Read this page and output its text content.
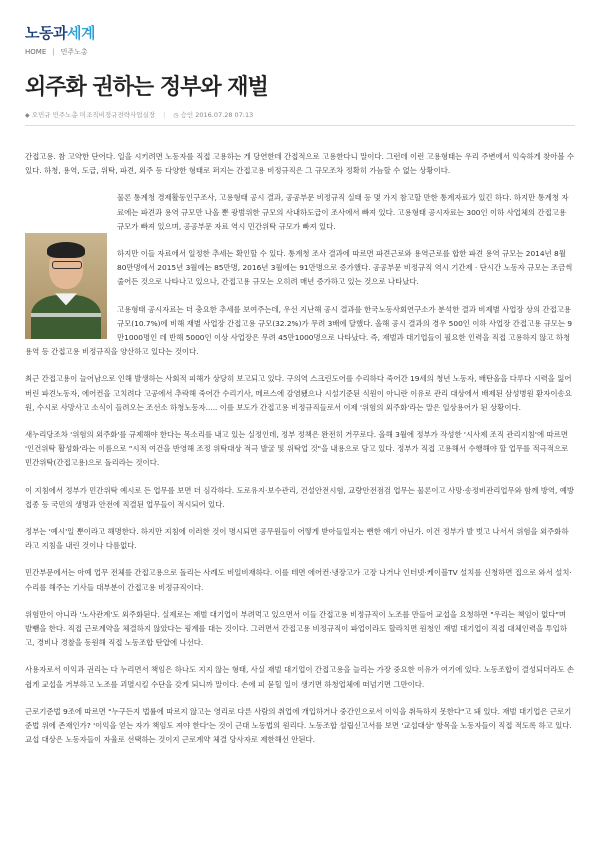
노동과세계
HOME | 민주노총
외주화 권하는 정부와 재벌
◆ 오민규 민주노총 미조직비정규전략사업실장 | ◷ 승인 2016.07.28 07:13

간접고용. 참 고약한 단어다. 일을 시키려면 노동자를 직접 고용하는 게 당연한데 간접적으로 고용한다니 말이다. 그런데 이런 고용형태는 우리 주변에서 익숙하게 찾아볼 수 있다. 하청, 용역, 도급, 위탁, 파견, 외주 등 다양한 형태로 퍼지는 간접고용 비정규직은 그 규모조차 정확히 가늠할 수 없는 상황이다.

물론 통계청 경제활동인구조사, 고용형태 공시 결과, 공공부문 비정규직 실태 등 몇 가지 참고할 만한 통계자료가 있긴 하다. 하지만 통계청 자료에는 파견과 용역 규모만 나올 뿐 광범위한 규모의 사내하도급이 조사에서 빠져 있다. 고용형태 공시자료는 300인 이하 사업체의 간접고용 규모가 빠져 있으며, 공공부문 자료 역시 민간위탁 규모가 빠져 있다.

하지만 이들 자료에서 일정한 추세는 확인할 수 있다. 통계청 조사 결과에 따르면 파견근로와 용역근로를 합한 파견 용역 규모는 2014년 8월 80만명에서 2015년 3월에는 85만명, 2016년 3월에는 91만명으로 증가했다. 공공부문 비정규직 역시 기간제 · 단시간 노동자 규모는 조금씩 줄어든 것으로 나타나고 있으나, 간접고용 규모는 오히려 매년 증가하고 있는 것으로 나타났다.

고용형태 공시자료는 더 충요한 추세를 보여주는데, 우선 지난해 공시 결과를 한국노동사회연구소가 분석한 결과 비제별 사업장 상의 간접고용 규모(10.7%)에 비해 재별 사업장 간접고용 규모(32.2%)가 무려 3배에 달했다. 올해 공시 결과의 경우 500인 이하 사업장 간접고용 규모는 9만1000명인 데 반해 5000인 이상 사업장은 무려 45만1000명으로 나타났다. 즉, 재벌과 대기업들이 필요한 인력을 직접 고용하지 않고 하청 용역 등 간접고용 비정규직을 양산하고 있다는 것이다.

최근 간접고용이 늘어남으로 인해 발생하는 사회적 피해가 상당히 보고되고 있다. 구의역 스크린도어를 수리하다 죽어간 19세의 청년 노동자, 배탄올을 다루다 시력을 잃어버린 파견노동자, 에어컨을 고치려다 고공에서 추락해 죽어간 수리기사, 메르스에 감염됐으나 시설기준된 식원이 아니란 이유로 관리 대상에서 배제된 삼성병원 환자이송요원, 수시로 사망사고 소식이 들려오는 조선소 하청노동자..... 이를 보도가 간접고용 비정규직들로서 이제 '위험의 외주화'라는 말은 일상용어가 된 상황이다.

새누리당조차 '위험의 외주화'를 규제해야 한다는 목소리를 내고 있는 실정인데, 정부 정책은 완전히 거꾸로다. 올해 3월에 정부가 작성한 '시사제 조직 관리지침'에 따르면 '인건위탁 활성화'라는 이름으로 "시적 여건을 반영해 조정 위탁대상 적극 발굴 및 위탁업 것"을 내용으로 담고 있다. 정부가 직접 고용해서 수행해야 할 업무를 적극적으로 민간위탁(간접고용)으로 돌리라는 것이다.

이 지침에서 정부가 민간위탁 예시로 든 업무를 보면 더 심각하다. 도로유지·보수관리, 건설안전시험, 교량안전점검 업무는 물론이고 사망·송정비관리업무와 함께 방역, 예방접종 등 국민의 생명과 안전에 직결된 업무들이 적시되어 있다.

정부는 '예시'일 뿐이라고 해명한다. 하지만 지침에 이러한 것이 명시되면 공무원들이 어떻게 받아들일지는 뻔한 얘기 아닌가. 이건 정부가 발 벗고 나서서 위험을 외주화하라고 지침을 내린 것이나 다름없다.

민간부문에서는 아예 업무 전체를 간접고용으로 돌리는 사례도 비일비재하다. 이를 테면 에어컨·냉장고가 고장 나거나 인터넷·케이블TV 설치를 신청하면 집으로 와서 설치·수리를 해주는 기사들 대부분이 간접고용 비정규직이다.

위험만이 아니라 '노사관계'도 외주화된다. 실제로는 재벌 대기업이 부려먹고 있으면서 이들 간접고용 비정규직이 노조를 만들어 교섭을 요청하면 "우리는 책임이 없다"며 발뺌을 한다. 직접 근로계약을 체결하지 않았다는 핑계를 대는 것이다. 그러면서 간접고용 비정규직이 파업이라도 할라치면 원청인 재벌 대기업이 직접 대체인력을 투입하고, 경비나 경찰을 동원해 직접 노동조합 탄압에 나선다.

사용자로서 이익과 권리는 다 누리면서 책임은 하나도 지지 않는 형태, 사실 재벌 대기업이 간접고용을 늘리는 가장 중요한 이유가 여기에 있다. 노동조합이 결성되더라도 손쉽게 교섭을 거부하고 노조를 괴멸시킬 수단을 갖게 되니까 말이다. 손에 피 묻힐 일이 생기면 하청업체에 떠넘기면 그만이다.

근로기준법 9조에 따르면 "누구든지 법률에 따르지 않고는 영리로 다른 사람의 취업에 개입하거나 중간인으로서 이익을 취득하지 못한다"고 돼 있다. 재벌 대기업은 근로기준법 위에 존재인가? '이익을 얻는 자가 책임도 져야 한다'는 것이 근대 노동법의 원리다. 노동조합 설립신고서를 보면 '교섭대상' 항목을 노동자들이 직접 적도록 하고 있다. 교섭 대상은 노동자들이 자율로 선택하는 것이지 근로계약 체결 당사자로 제한해선 안된다.
